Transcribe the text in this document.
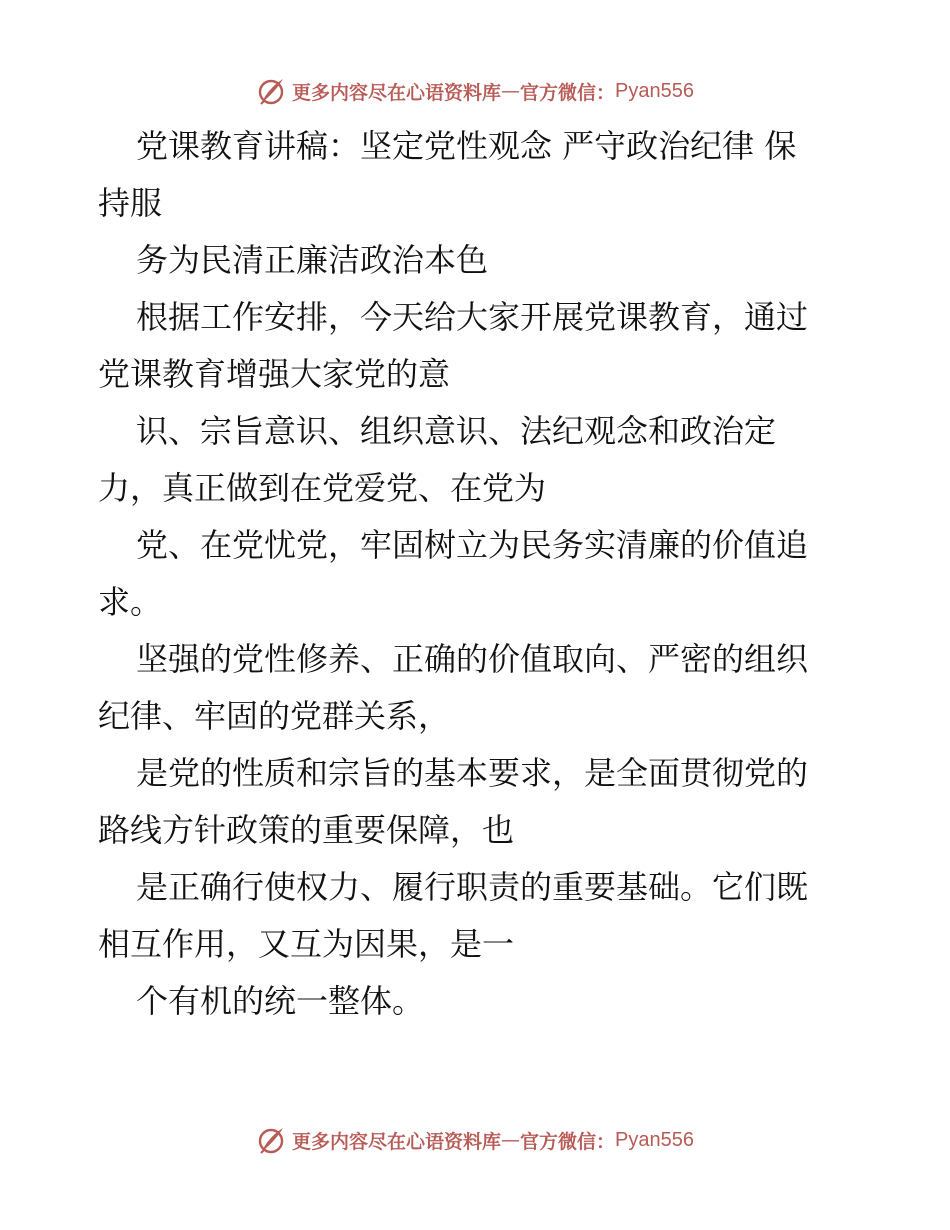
更多内容尽在心语资料库 — 官方微信： Pyan556
党课教育讲稿：坚定党性观念 严守政治纪律 保
持服
务为民清正廉洁政治本色
根据工作安排，今天给大家开展党课教育，通过
党课教育增强大家党的意
识、宗旨意识、组织意识、法纪观念和政治定
力，真正做到在党爱党、在党为
党、在党忧党，牢固树立为民务实清廉的价值追
求。
坚强的党性修养、正确的价值取向、严密的组织
纪律、牢固的党群关系，
是党的性质和宗旨的基本要求，是全面贯彻党的
路线方针政策的重要保障，也
是正确行使权力、履行职责的重要基础。它们既
相互作用，又互为因果，是一
个有机的统一整体。
更多内容尽在心语资料库 — 官方微信： Pyan556
